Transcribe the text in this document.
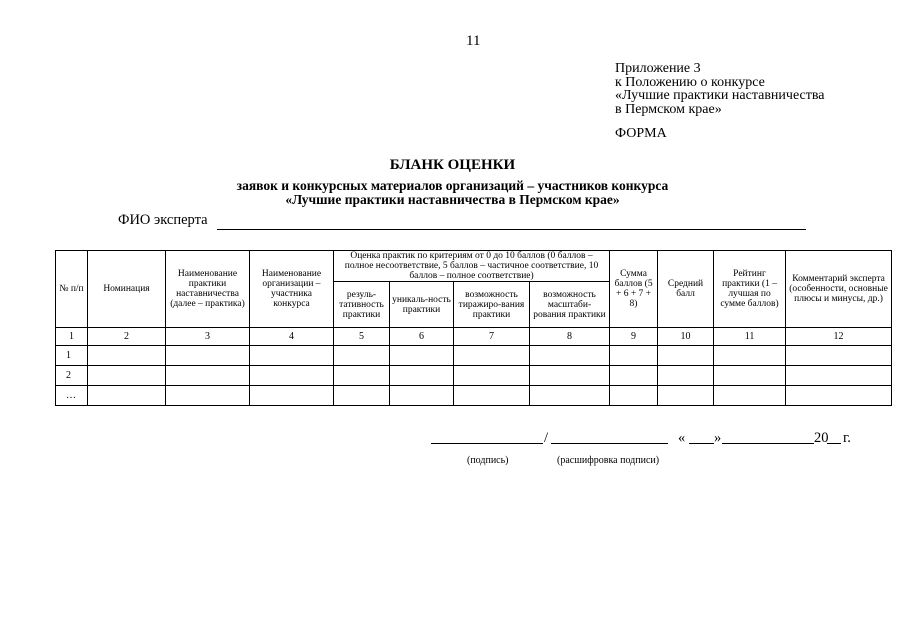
11
Приложение 3
к Положению о конкурсе
«Лучшие практики наставничества
в Пермском крае»
ФОРМА
БЛАНК ОЦЕНКИ
заявок и конкурсных материалов организаций – участников конкурса
«Лучшие практики наставничества в Пермском крае»
ФИО эксперта
№ п/п	Номинация	Наименование практики наставничества (далее – практика)	Наименование организации – участника конкурса	Оценка практик по критериям от 0 до 10 баллов (0 баллов – полное несоответствие, 5 баллов – частичное соответствие, 10 баллов – полное соответствие)				Сумма баллов (5 + 6 + 7 + 8)	Средний балл	Рейтинг практики (1 – лучшая по сумме баллов)	Комментарий эксперта (особенности, основные плюсы и минусы, др.)
				резуль-тативность практики	уникаль-ность практики	возможность тиражиро-вания практики	возможность масштаби-рования практики				
1	2	3	4	5	6	7	8	9	10	11	12
1											
2											
…											
/	« »	20 г.
(подпись)	(расшифровка подписи)
